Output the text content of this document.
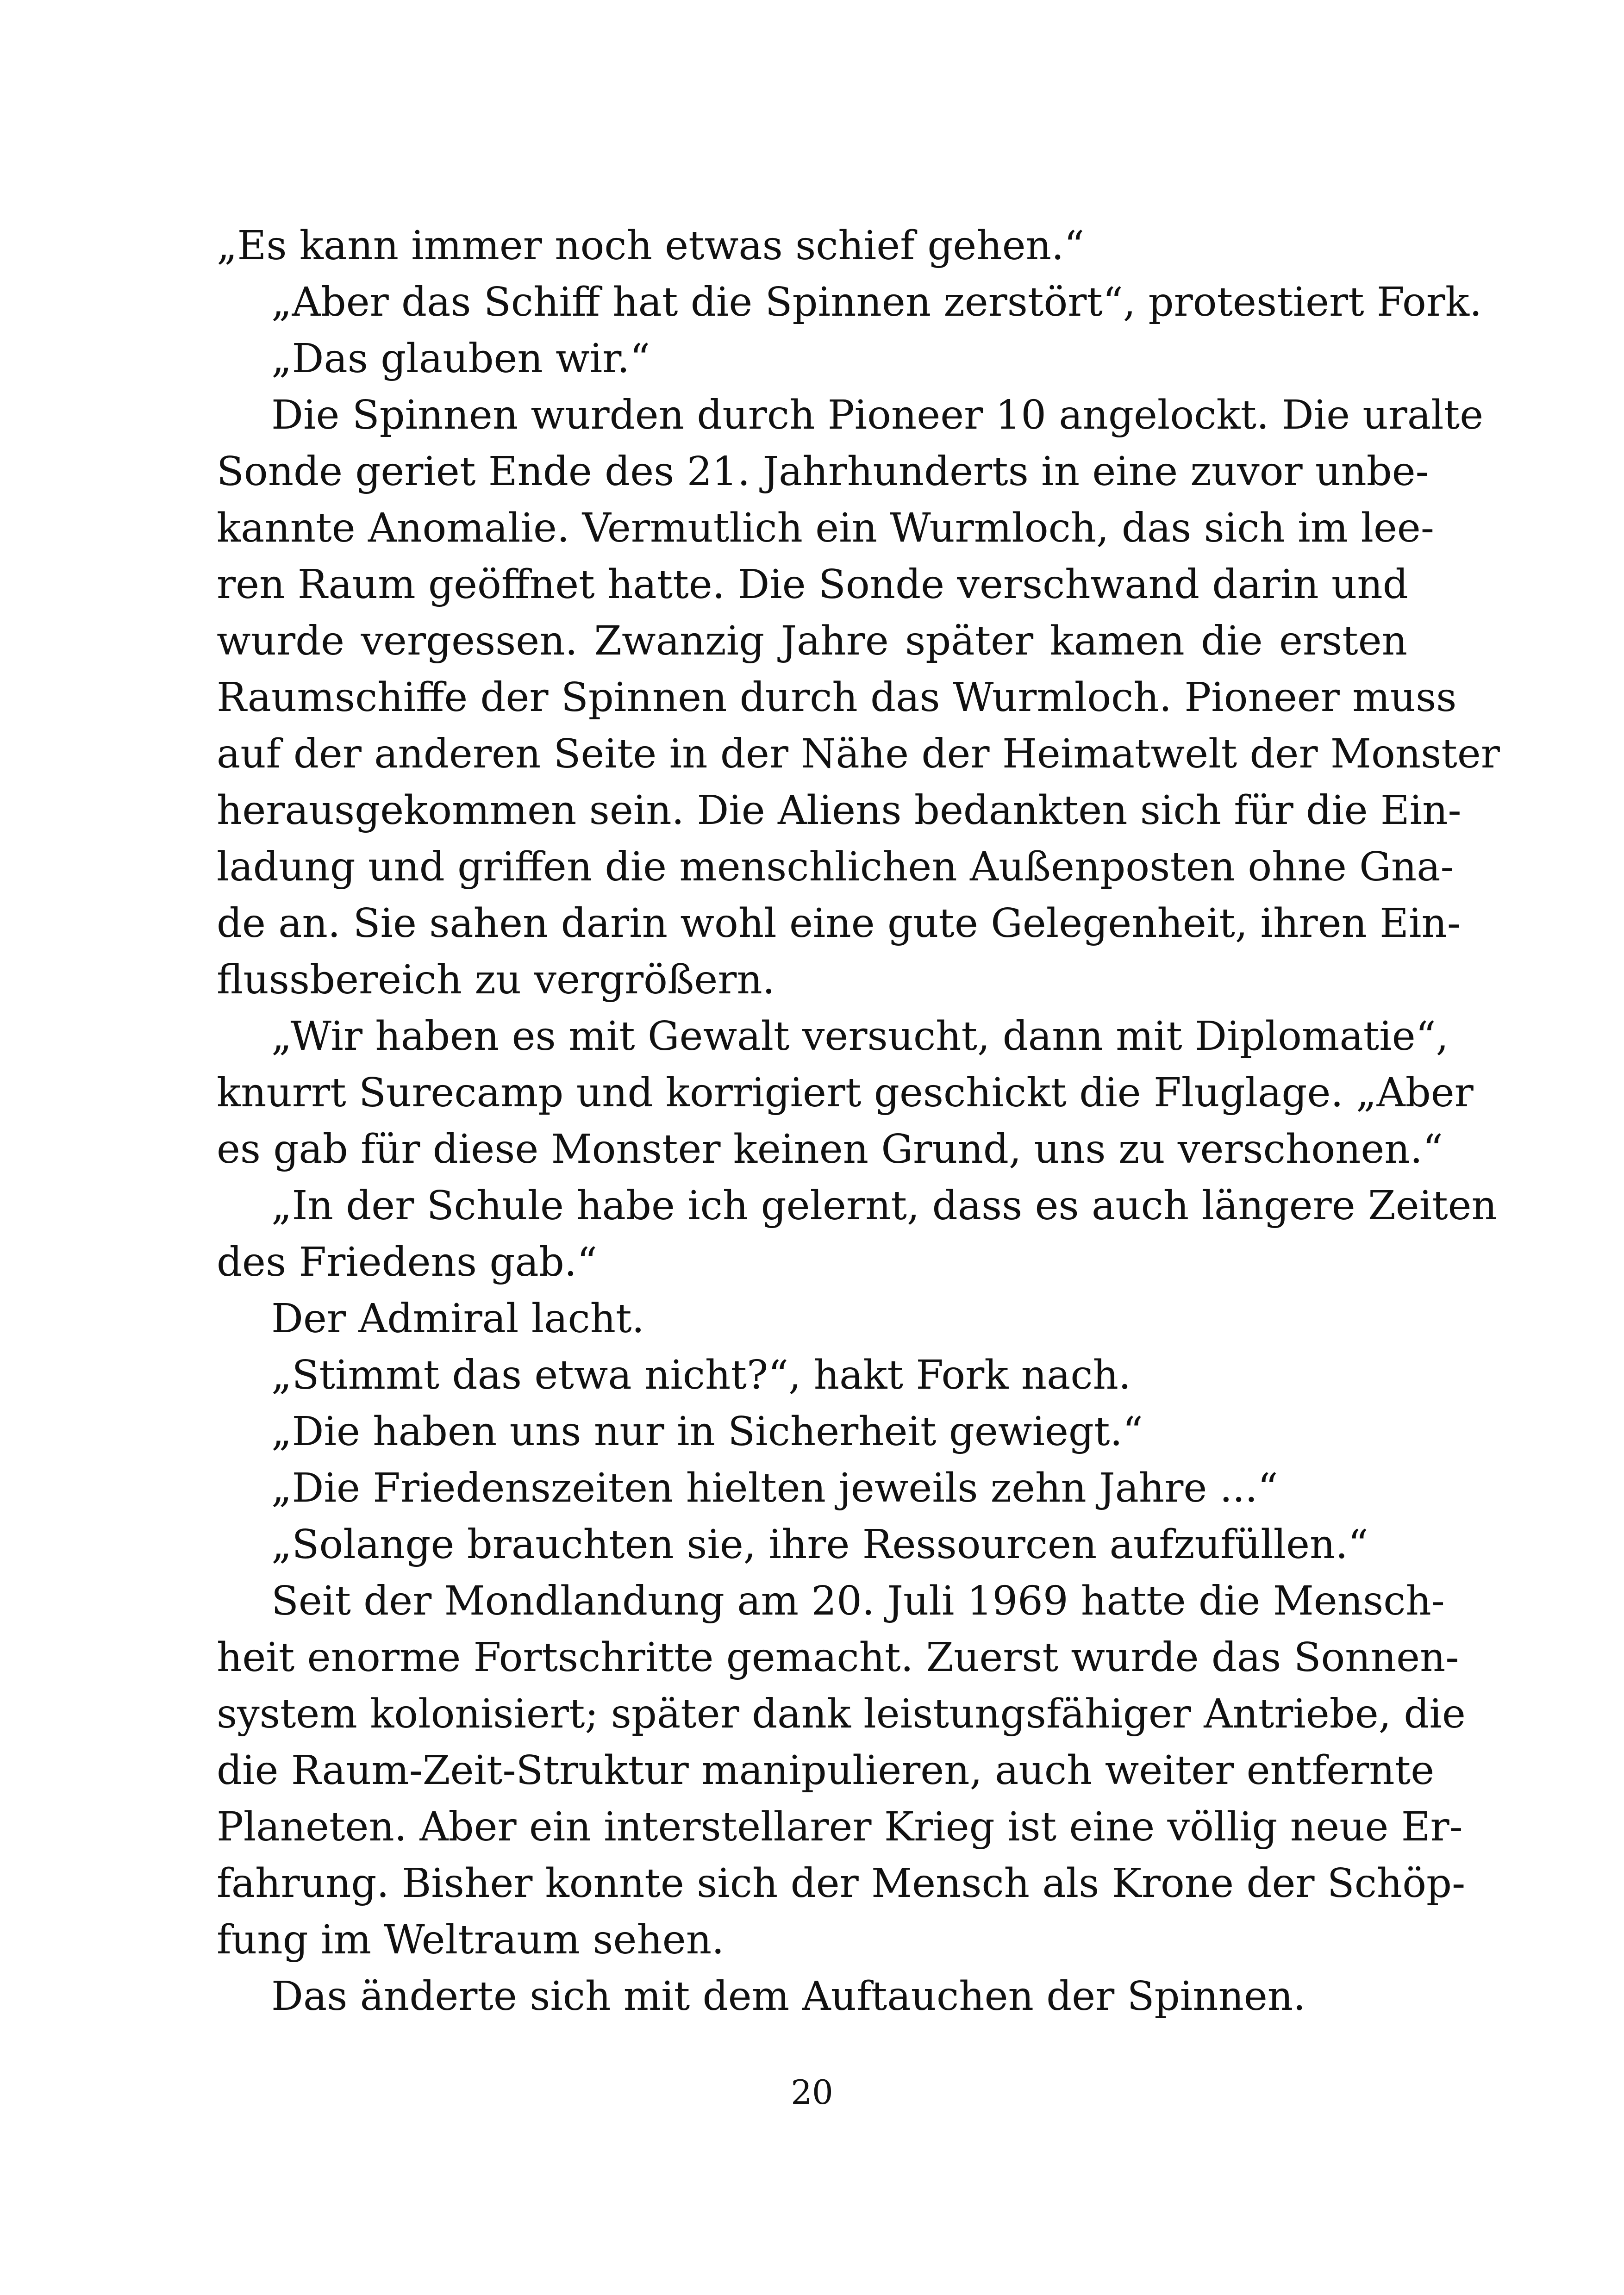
„Es kann immer noch etwas schief gehen.“
„Aber das Schiff hat die Spinnen zerstört“, protestiert Fork.
„Das glauben wir.“
Die Spinnen wurden durch Pioneer 10 angelockt. Die uralte
Sonde geriet Ende des 21. Jahrhunderts in eine zuvor unbe-
kannte Anomalie. Vermutlich ein Wurmloch, das sich im lee-
ren Raum geöffnet hatte. Die Sonde verschwand darin und
wurde vergessen. Zwanzig Jahre später kamen die ersten
Raumschiffe der Spinnen durch das Wurmloch. Pioneer muss
auf der anderen Seite in der Nähe der Heimatwelt der Monster
herausgekommen sein. Die Aliens bedankten sich für die Ein-
ladung und griffen die menschlichen Außenposten ohne Gna-
de an. Sie sahen darin wohl eine gute Gelegenheit, ihren Ein-
flussbereich zu vergrößern.
„Wir haben es mit Gewalt versucht, dann mit Diplomatie“,
knurrt Surecamp und korrigiert geschickt die Fluglage. „Aber
es gab für diese Monster keinen Grund, uns zu verschonen.“
„In der Schule habe ich gelernt, dass es auch längere Zeiten
des Friedens gab.“
Der Admiral lacht.
„Stimmt das etwa nicht?“, hakt Fork nach.
„Die haben uns nur in Sicherheit gewiegt.“
„Die Friedenszeiten hielten jeweils zehn Jahre ...“
„Solange brauchten sie, ihre Ressourcen aufzufüllen.“
Seit der Mondlandung am 20. Juli 1969 hatte die Mensch-
heit enorme Fortschritte gemacht. Zuerst wurde das Sonnen-
system kolonisiert; später dank leistungsfähiger Antriebe, die
die Raum-Zeit-Struktur manipulieren, auch weiter entfernte
Planeten. Aber ein interstellarer Krieg ist eine völlig neue Er-
fahrung. Bisher konnte sich der Mensch als Krone der Schöp-
fung im Weltraum sehen.
Das änderte sich mit dem Auftauchen der Spinnen.
20
